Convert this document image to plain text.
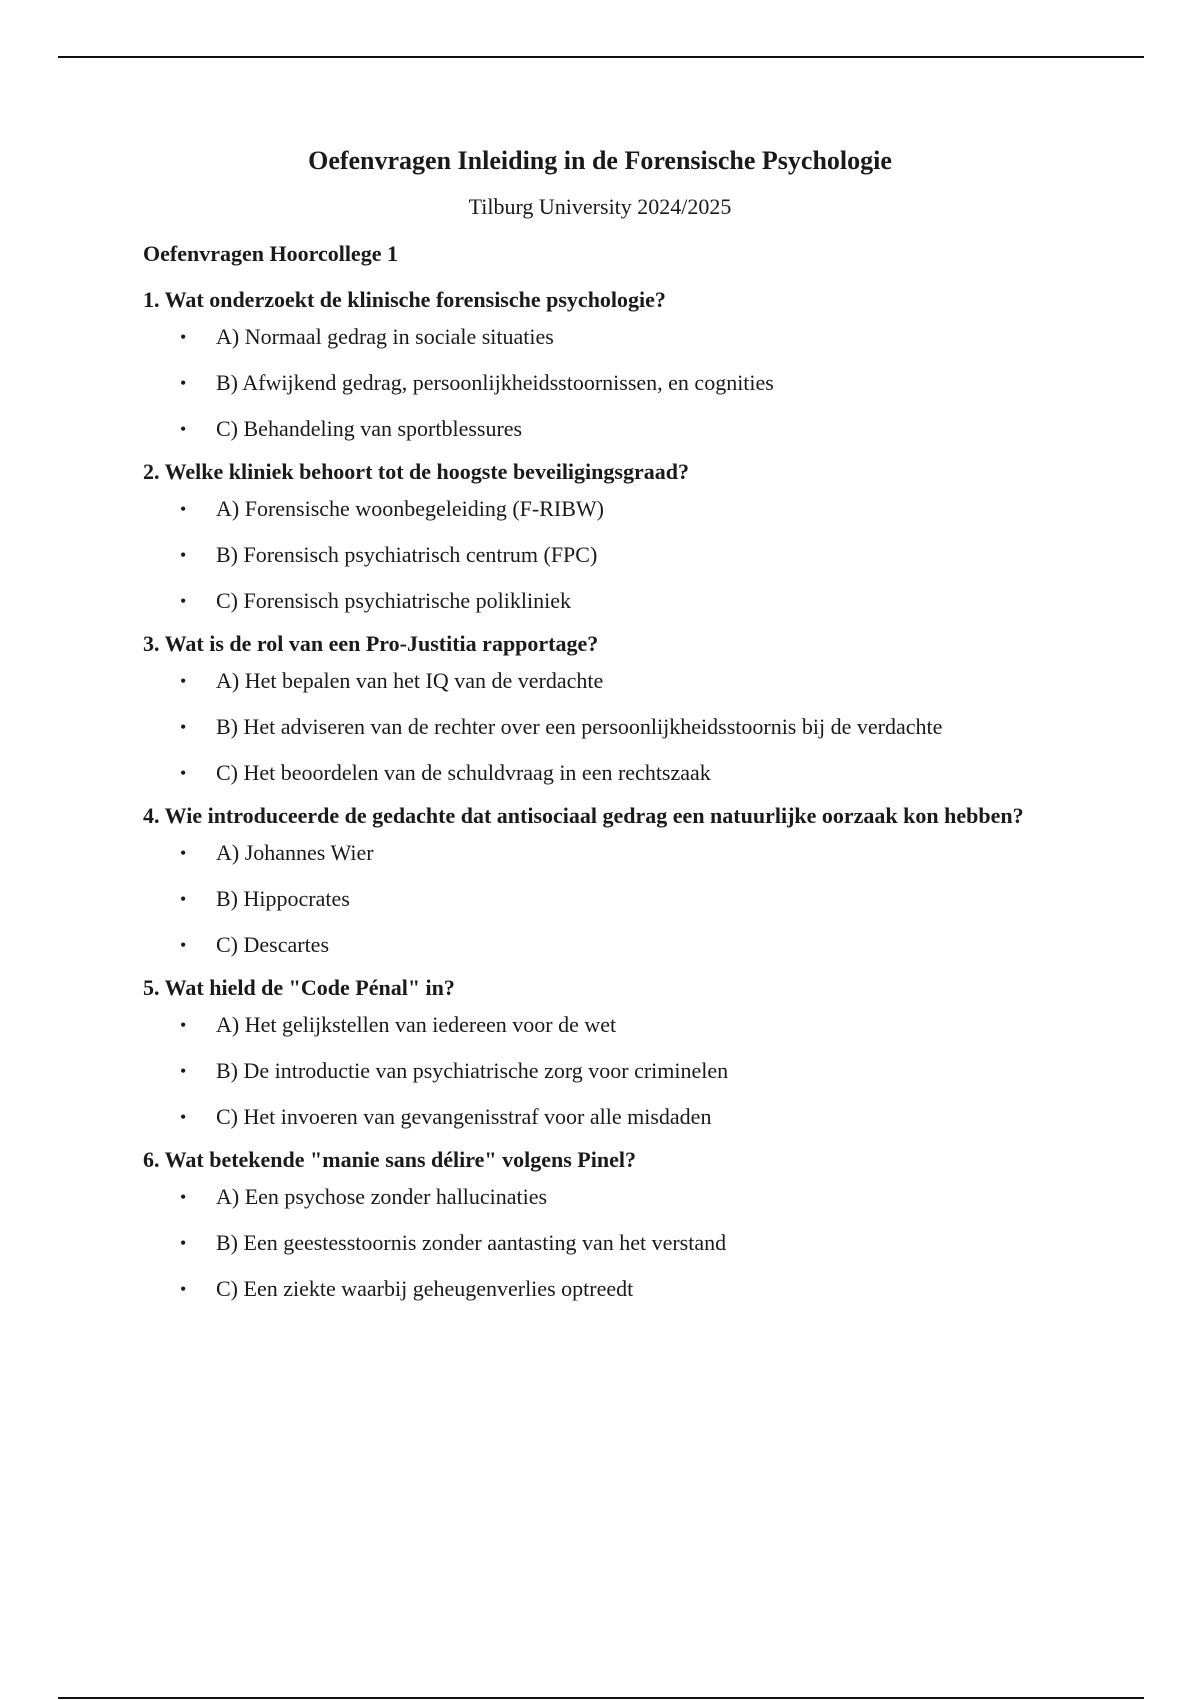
Oefenvragen Inleiding in de Forensische Psychologie

Tilburg University 2024/2025

Oefenvragen Hoorcollege 1

1. Wat onderzoekt de klinische forensische psychologie?

• A) Normaal gedrag in sociale situaties
• B) Afwijkend gedrag, persoonlijkheidsstoornissen, en cognities
• C) Behandeling van sportblessures

2. Welke kliniek behoort tot de hoogste beveiligingsgraad?

• A) Forensische woonbegeleiding (F-RIBW)
• B) Forensisch psychiatrisch centrum (FPC)
• C) Forensisch psychiatrische polikliniek

3. Wat is de rol van een Pro-Justitia rapportage?

• A) Het bepalen van het IQ van de verdachte
• B) Het adviseren van de rechter over een persoonlijkheidsstoornis bij de verdachte
• C) Het beoordelen van de schuldvraag in een rechtszaak

4. Wie introduceerde de gedachte dat antisociaal gedrag een natuurlijke oorzaak kon hebben?

• A) Johannes Wier
• B) Hippocrates
• C) Descartes

5. Wat hield de "Code Pénal" in?

• A) Het gelijkstellen van iedereen voor de wet
• B) De introductie van psychiatrische zorg voor criminelen
• C) Het invoeren van gevangenisstraf voor alle misdaden

6. Wat betekende "manie sans délire" volgens Pinel?

• A) Een psychose zonder hallucinaties
• B) Een geestesstoornis zonder aantasting van het verstand
• C) Een ziekte waarbij geheugenverlies optreedt
